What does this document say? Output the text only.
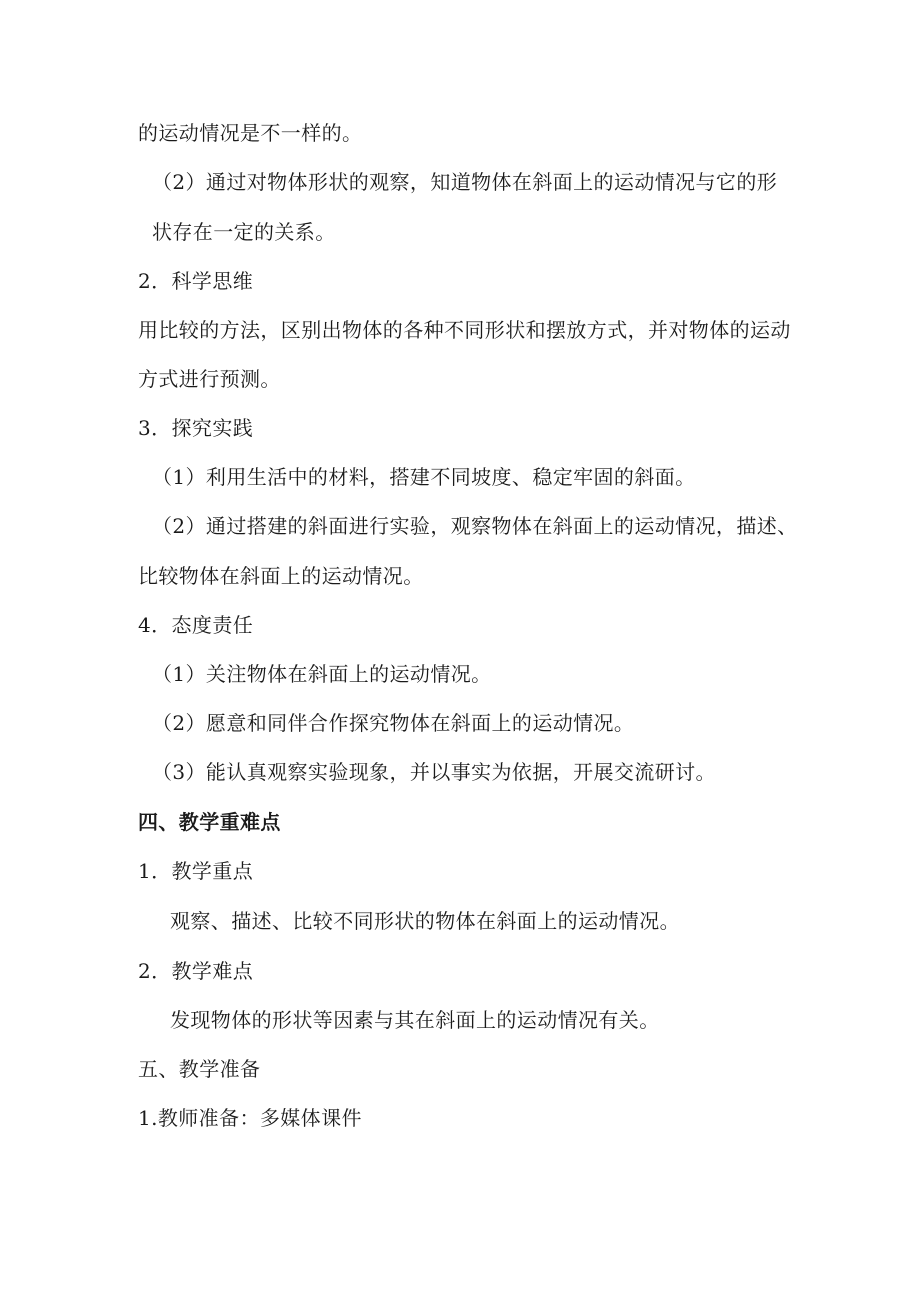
的运动情况是不一样的。
（2）通过对物体形状的观察，知道物体在斜面上的运动情况与它的形
状存在一定的关系。
2．科学思维
用比较的方法，区别出物体的各种不同形状和摆放方式，并对物体的运动
方式进行预测。
3．探究实践
（1）利用生活中的材料，搭建不同坡度、稳定牢固的斜面。
（2）通过搭建的斜面进行实验，观察物体在斜面上的运动情况，描述、
比较物体在斜面上的运动情况。
4．态度责任
（1）关注物体在斜面上的运动情况。
（2）愿意和同伴合作探究物体在斜面上的运动情况。
（3）能认真观察实验现象，并以事实为依据，开展交流研讨。
四、教学重难点
1．教学重点
观察、描述、比较不同形状的物体在斜面上的运动情况。
2．教学难点
发现物体的形状等因素与其在斜面上的运动情况有关。
五、教学准备
1.教师准备：多媒体课件
